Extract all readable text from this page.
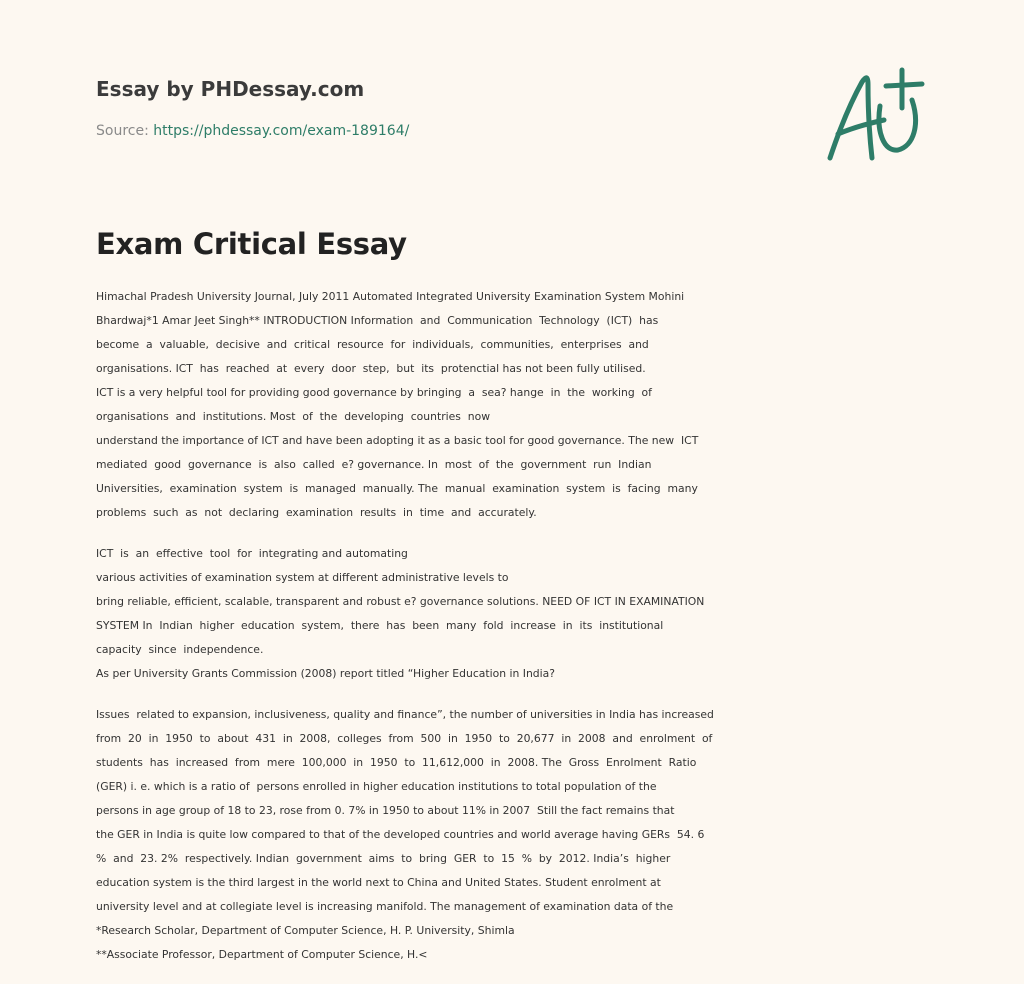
Essay by PHDessay.com
Source: https://phdessay.com/exam-189164/
Exam Critical Essay

Himachal Pradesh University Journal, July 2011 Automated Integrated University Examination System Mohini
Bhardwaj*1 Amar Jeet Singh** INTRODUCTION Information  and  Communication  Technology  (ICT)  has
become  a  valuable,  decisive  and  critical  resource  for  individuals,  communities,  enterprises  and
organisations. ICT  has  reached  at  every  door  step,  but  its  protenctial has not been fully utilised.
ICT is a very helpful tool for providing good governance by bringing  a  sea? hange  in  the  working  of
organisations  and  institutions. Most  of  the  developing  countries  now
understand the importance of ICT and have been adopting it as a basic tool for good governance. The new  ICT
mediated  good  governance  is  also  called  e? governance. In  most  of  the  government  run  Indian
Universities,  examination  system  is  managed  manually. The  manual  examination  system  is  facing  many
problems  such  as  not  declaring  examination  results  in  time  and  accurately.

ICT  is  an  effective  tool  for  integrating and automating
various activities of examination system at different administrative levels to
bring reliable, efficient, scalable, transparent and robust e? governance solutions. NEED OF ICT IN EXAMINATION
SYSTEM In  Indian  higher  education  system,  there  has  been  many  fold  increase  in  its  institutional
capacity  since  independence.
As per University Grants Commission (2008) report titled “Higher Education in India?

Issues  related to expansion, inclusiveness, quality and finance”, the number of universities in India has increased
from  20  in  1950  to  about  431  in  2008,  colleges  from  500  in  1950  to  20,677  in  2008  and  enrolment  of
students  has  increased  from  mere  100,000  in  1950  to  11,612,000  in  2008. The  Gross  Enrolment  Ratio
(GER) i. e. which is a ratio of  persons enrolled in higher education institutions to total population of the
persons in age group of 18 to 23, rose from 0. 7% in 1950 to about 11% in 2007  Still the fact remains that
the GER in India is quite low compared to that of the developed countries and world average having GERs  54. 6
%  and  23. 2%  respectively. Indian  government  aims  to  bring  GER  to  15  %  by  2012. India’s  higher
education system is the third largest in the world next to China and United States. Student enrolment at
university level and at collegiate level is increasing manifold. The management of examination data of the
*Research Scholar, Department of Computer Science, H. P. University, Shimla
**Associate Professor, Department of Computer Science, H.<
